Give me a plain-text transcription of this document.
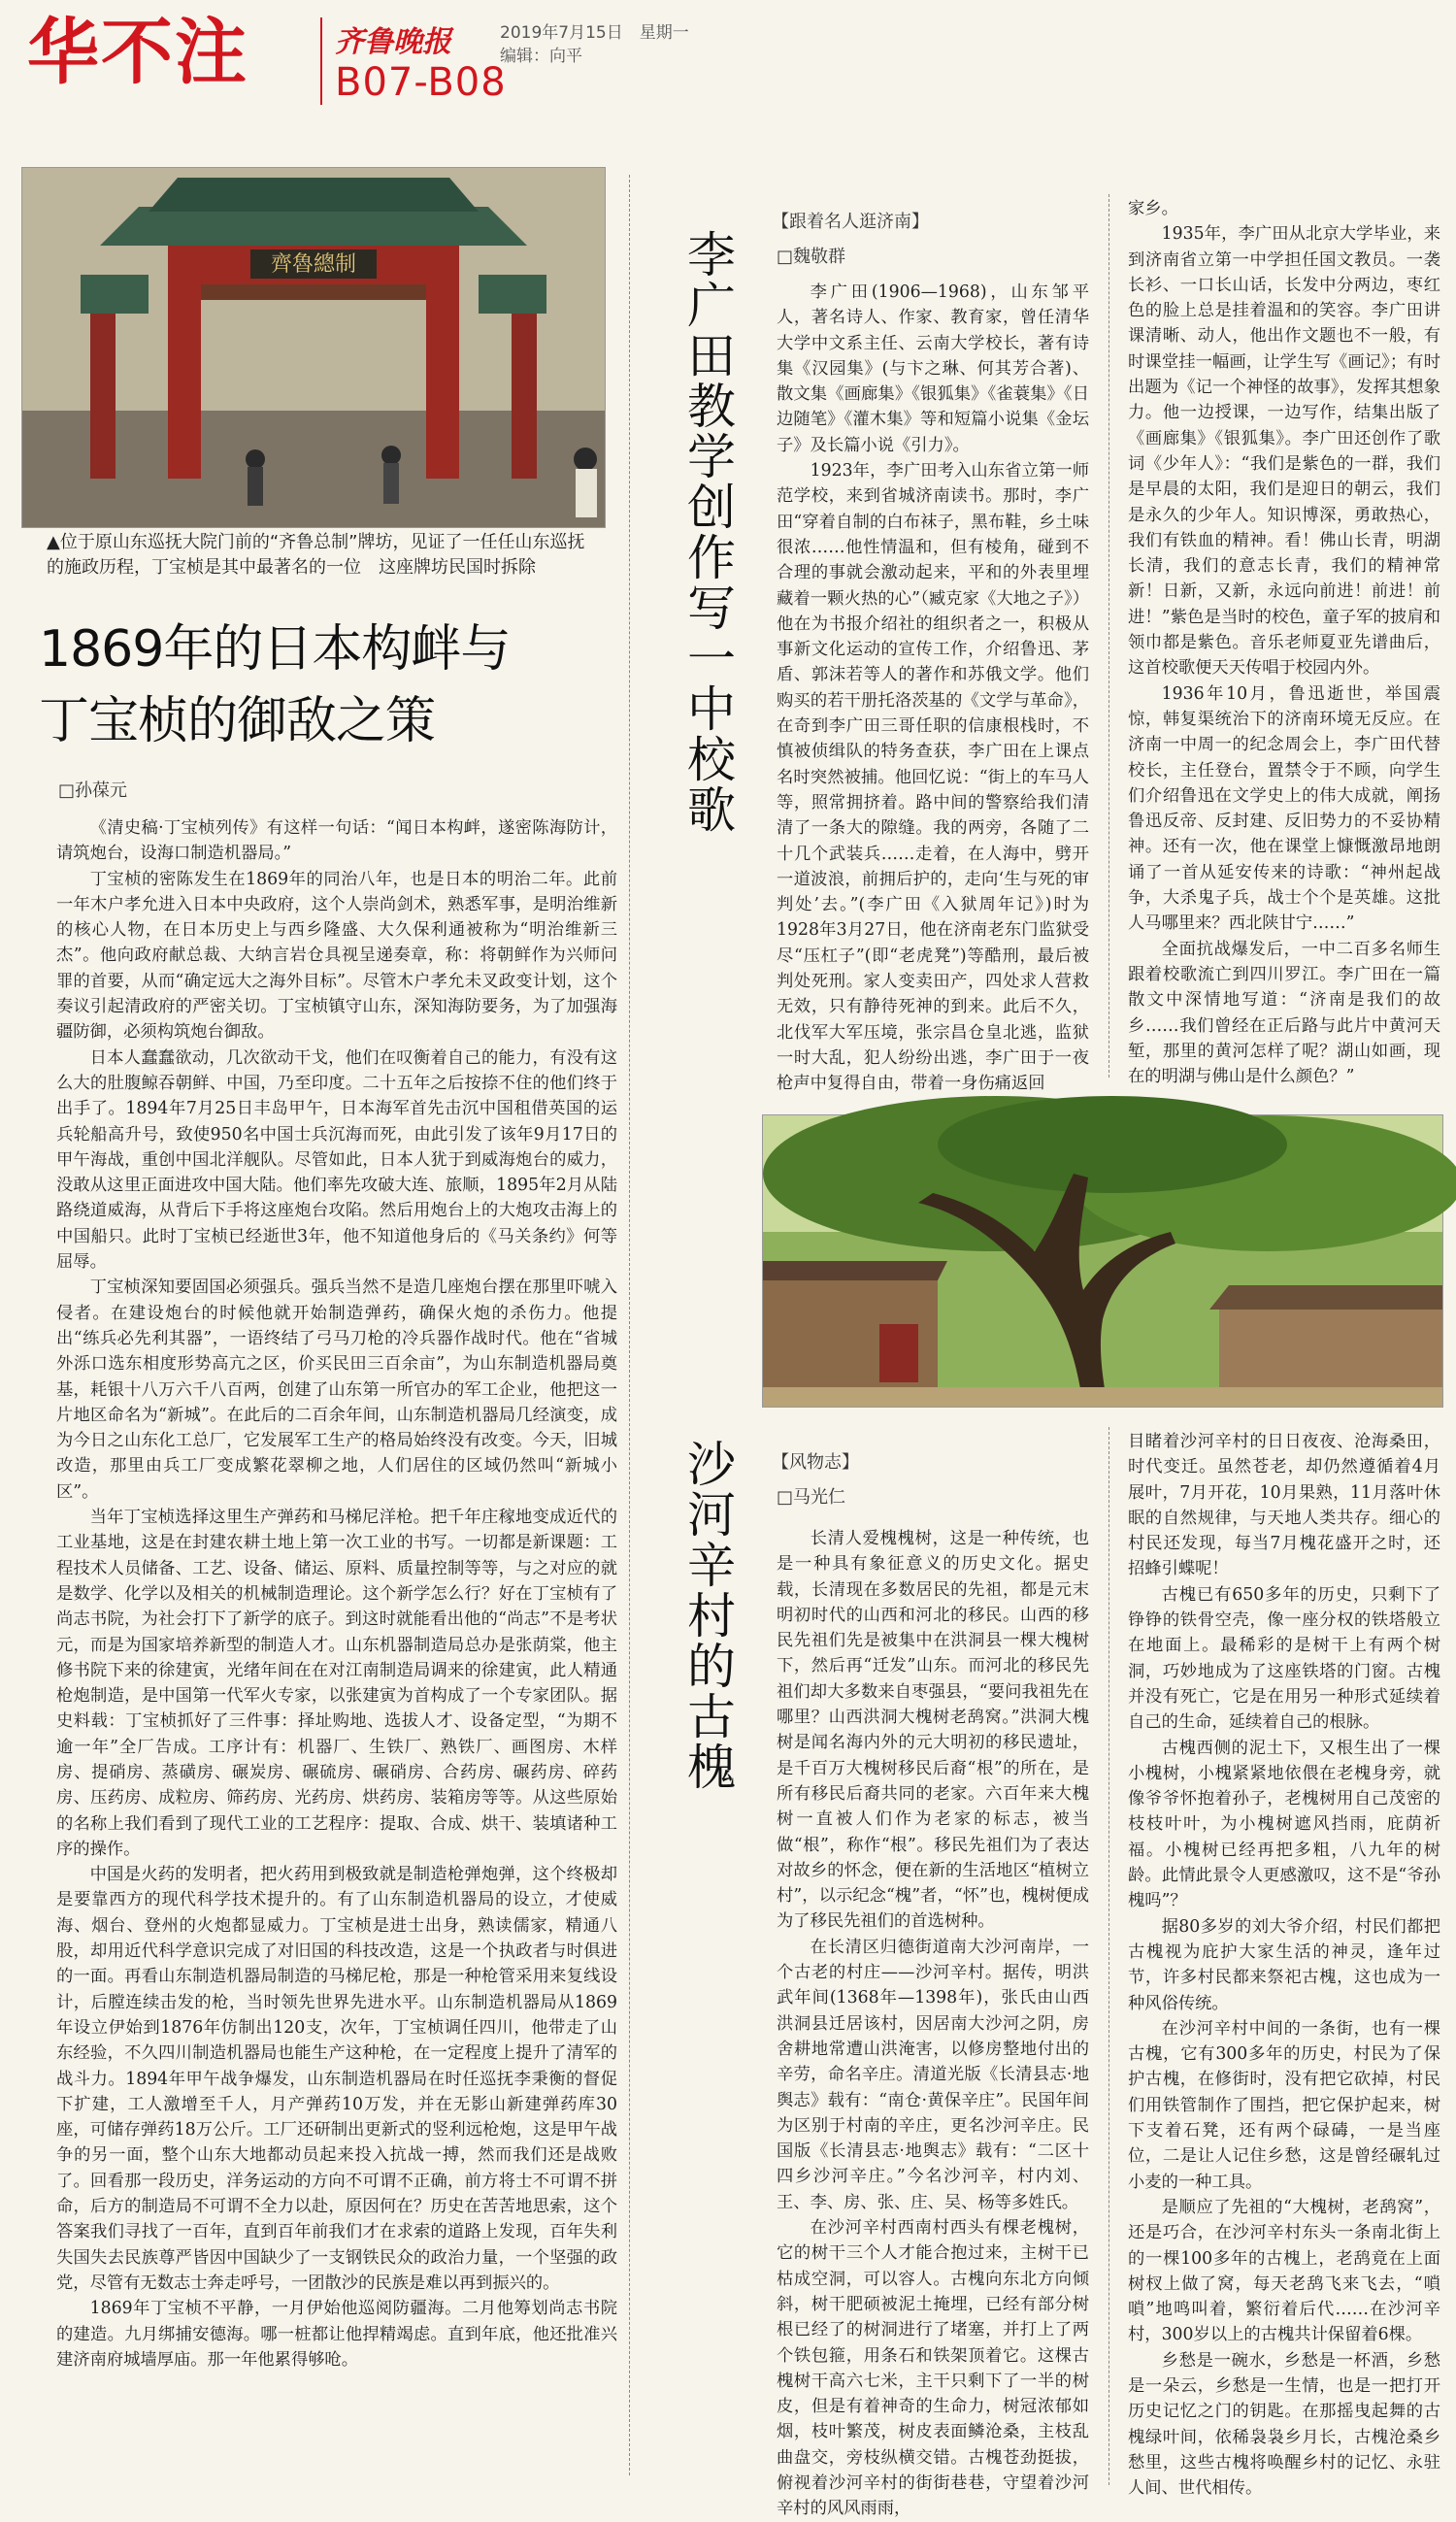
华不注	齐鲁晚报	2019年7月15日　星期一
编辑：向平
B07-B08
齊魯總制
▲位于原山东巡抚大院门前的“齐鲁总制”牌坊，见证了一任任山东巡抚的施政历程，丁宝桢是其中最著名的一位　这座牌坊民国时拆除
1869年的日本构衅与
丁宝桢的御敌之策
□孙葆元

《清史稿·丁宝桢列传》有这样一句话：“闻日本构衅，遂密陈海防计，请筑炮台，设海口制造机器局。”

丁宝桢的密陈发生在1869年的同治八年，也是日本的明治二年。此前一年木户孝允进入日本中央政府，这个人崇尚剑术，熟悉军事，是明治维新的核心人物，在日本历史上与西乡隆盛、大久保利通被称为“明治维新三杰”。他向政府献总裁、大纳言岩仓具视呈递奏章，称：将朝鲜作为兴师问罪的首要，从而“确定远大之海外目标”。尽管木户孝允未叉政变计划，这个奏议引起清政府的严密关切。丁宝桢镇守山东，深知海防要务，为了加强海疆防御，必须构筑炮台御敌。

日本人蠢蠢欲动，几次欲动干戈，他们在叹衡着自己的能力，有没有这么大的肚腹鲸吞朝鲜、中国，乃至印度。二十五年之后按捺不住的他们终于出手了。1894年7月25日丰岛甲午，日本海军首先击沉中国租借英国的运兵轮船高升号，致使950名中国士兵沉海而死，由此引发了该年9月17日的甲午海战，重创中国北洋舰队。尽管如此，日本人犹于到威海炮台的威力，没敢从这里正面进攻中国大陆。他们率先攻破大连、旅顺，1895年2月从陆路绕道威海，从背后下手将这座炮台攻陷。然后用炮台上的大炮攻击海上的中国船只。此时丁宝桢已经逝世3年，他不知道他身后的《马关条约》何等屈辱。

丁宝桢深知要固国必须强兵。强兵当然不是造几座炮台摆在那里吓唬入侵者。在建设炮台的时候他就开始制造弹药，确保火炮的杀伤力。他提出“练兵必先利其器”，一语终结了弓马刀枪的冷兵器作战时代。他在“省城外泺口选东相度形势高亢之区，价买民田三百余亩”，为山东制造机器局奠基，耗银十八万六千八百两，创建了山东第一所官办的军工企业，他把这一片地区命名为“新城”。在此后的二百余年间，山东制造机器局几经演变，成为今日之山东化工总厂，它发展军工生产的格局始终没有改变。今天，旧城改造，那里由兵工厂变成繁花翠柳之地，人们居住的区域仍然叫“新城小区”。

当年丁宝桢选择这里生产弹药和马梯尼洋枪。把千年庄稼地变成近代的工业基地，这是在封建农耕土地上第一次工业的书写。一切都是新课题：工程技术人员储备、工艺、设备、储运、原料、质量控制等等，与之对应的就是数学、化学以及相关的机械制造理论。这个新学怎么行？好在丁宝桢有了尚志书院，为社会打下了新学的底子。到这时就能看出他的“尚志”不是考状元，而是为国家培养新型的制造人才。山东机器制造局总办是张荫棠，他主修书院下来的徐建寅，光绪年间在在对江南制造局调来的徐建寅，此人精通枪炮制造，是中国第一代军火专家，以张建寅为首构成了一个专家团队。据史料载：丁宝桢抓好了三件事：择址购地、选拔人才、设备定型，“为期不逾一年”全厂告成。工序计有：机器厂、生铁厂、熟铁厂、画图房、木样房、提硝房、蒸磺房、碾炭房、碾硫房、碾硝房、合药房、碾药房、碎药房、压药房、成粒房、筛药房、光药房、烘药房、装箱房等等。从这些原始的名称上我们看到了现代工业的工艺程序：提取、合成、烘干、装填诸种工序的操作。

中国是火药的发明者，把火药用到极致就是制造枪弹炮弹，这个终极却是要靠西方的现代科学技术提升的。有了山东制造机器局的设立，才使威海、烟台、登州的火炮都显威力。丁宝桢是进士出身，熟读儒家，精通八股，却用近代科学意识完成了对旧国的科技改造，这是一个执政者与时俱进的一面。再看山东制造机器局制造的马梯尼枪，那是一种枪管采用来复线设计，后膛连续击发的枪，当时领先世界先进水平。山东制造机器局从1869年设立伊始到1876年仿制出120支，次年，丁宝桢调任四川，他带走了山东经验，不久四川制造机器局也能生产这种枪，在一定程度上提升了清军的战斗力。1894年甲午战争爆发，山东制造机器局在时任巡抚李秉衡的督促下扩建，工人激增至千人，月产弹药10万发，并在无影山新建弹药库30座，可储存弹药18万公斤。工厂还研制出更新式的竖利远枪炮，这是甲午战争的另一面，整个山东大地都动员起来投入抗战一搏，然而我们还是战败了。回看那一段历史，洋务运动的方向不可谓不正确，前方将士不可谓不拼命，后方的制造局不可谓不全力以赴，原因何在？历史在苦苦地思索，这个答案我们寻找了一百年，直到百年前我们才在求索的道路上发现，百年失利失国失去民族尊严皆因中国缺少了一支钢铁民众的政治力量，一个坚强的政党，尽管有无数志士奔走呼号，一团散沙的民族是难以再到振兴的。

1869年丁宝桢不平静，一月伊始他巡阅防疆海。二月他筹划尚志书院的建造。九月绑捕安德海。哪一桩都让他捍精竭虑。直到年底，他还批准兴建济南府城墙厚庙。那一年他累得够呛。

李广田教学创作写一中校歌
【跟着名人逛济南】
□魏敬群

李广田(1906—1968)，山东邹平人，著名诗人、作家、教育家，曾任清华大学中文系主任、云南大学校长，著有诗集《汉园集》(与卞之琳、何其芳合著)、散文集《画廊集》《银狐集》《雀蓑集》《日边随笔》《灌木集》等和短篇小说集《金坛子》及长篇小说《引力》。

1923年，李广田考入山东省立第一师范学校，来到省城济南读书。那时，李广田“穿着自制的白布袜子，黑布鞋，乡土味很浓……他性情温和，但有棱角，碰到不合理的事就会激动起来，平和的外表里埋藏着一颗火热的心”（臧克家《大地之子》）他在为书报介绍社的组织者之一，积极从事新文化运动的宣传工作，介绍鲁迅、茅盾、郭沫若等人的著作和苏俄文学。他们购买的若干册托洛茨基的《文学与革命》，在奇到李广田三哥任职的信康根栈时，不慎被侦缉队的特务查获，李广田在上课点名时突然被捕。他回忆说：“街上的车马人等，照常拥挤着。路中间的警察给我们清清了一条大的隙缝。我的两旁，各随了二十几个武装兵……走着，在人海中，劈开一道波浪，前拥后护的，走向‘生与死的审判处’去。”(李广田《入狱周年记》)时为1928年3月27日，他在济南老东门监狱受尽“压杠子”(即“老虎凳”)等酷刑，最后被判处死刑。家人变卖田产，四处求人营救无效，只有静待死神的到来。此后不久，北伐军大军压境，张宗昌仓皇北逃，监狱一时大乱，犯人纷纷出逃，李广田于一夜枪声中复得自由，带着一身伤痛返回

家乡。

1935年，李广田从北京大学毕业，来到济南省立第一中学担任国文教员。一袭长衫、一口长山话，长发中分两边，枣红色的脸上总是挂着温和的笑容。李广田讲课清晰、动人，他出作文题也不一般，有时课堂挂一幅画，让学生写《画记》；有时出题为《记一个神怪的故事》，发挥其想象力。他一边授课，一边写作，结集出版了《画廊集》《银狐集》。李广田还创作了歌词《少年人》：“我们是紫色的一群，我们是早晨的太阳，我们是迎日的朝云，我们是永久的少年人。知识博深，勇敢热心，我们有铁血的精神。看！佛山长青，明湖长清，我们的意志长青，我们的精神常新！日新，又新，永远向前进！前进！前进！”紫色是当时的校色，童子军的披肩和领巾都是紫色。音乐老师夏亚先谱曲后，这首校歌便天天传唱于校园内外。

1936年10月，鲁迅逝世，举国震惊，韩复渠统治下的济南环境无反应。在济南一中周一的纪念周会上，李广田代替校长，主任登台，置禁令于不顾，向学生们介绍鲁迅在文学史上的伟大成就，阐扬鲁迅反帝、反封建、反旧势力的不妥协精神。还有一次，他在课堂上慷慨激昂地朗诵了一首从延安传来的诗歌：“神州起战争，大杀鬼子兵，战士个个是英雄。这批人马哪里来？西北陕甘宁……”

全面抗战爆发后，一中二百多名师生跟着校歌流亡到四川罗江。李广田在一篇散文中深情地写道：“济南是我们的故乡……我们曾经在正后路与此片中黄河天堑，那里的黄河怎样了呢？湖山如画，现在的明湖与佛山是什么颜色？”

沙河辛村的古槐 【风物志】
□马光仁

长清人爱槐槐树，这是一种传统，也是一种具有象征意义的历史文化。据史载，长清现在多数居民的先祖，都是元末明初时代的山西和河北的移民。山西的移民先祖们先是被集中在洪洞县一棵大槐树下，然后再“迁发”山东。而河北的移民先祖们却大多数来自枣强县，“要问我祖先在哪里？山西洪洞大槐树老鸹窝。”洪洞大槐树是闻名海内外的元大明初的移民遗址，是千百万大槐树移民后裔“根”的所在，是所有移民后裔共同的老家。六百年来大槐树一直被人们作为老家的标志，被当做“根”，称作“根”。移民先祖们为了表达对故乡的怀念，便在新的生活地区“植树立村”，以示纪念“槐”者，“怀”也，槐树便成为了移民先祖们的首选树种。

在长清区归德街道南大沙河南岸，一个古老的村庄——沙河辛村。据传，明洪武年间(1368年—1398年)，张氏由山西洪洞县迁居该村，因居南大沙河之阴，房舍耕地常遭山洪淹害，以修房整地付出的辛劳，命名辛庄。清道光版《长清县志·地舆志》载有：“南仓·黄保辛庄”。民国年间为区别于村南的辛庄，更名沙河辛庄。民国版《长清县志·地舆志》载有：“二区十四乡沙河辛庄。”今名沙河辛，村内刘、王、李、房、张、庄、吴、杨等多姓氏。

在沙河辛村西南村西头有棵老槐树，它的树干三个人才能合抱过来，主树干已枯成空洞，可以容人。古槐向东北方向倾斜，树干肥硕被泥土掩埋，已经有部分树根已经了的树洞进行了堵塞，并打上了两个铁包箍，用条石和铁架顶着它。这棵古槐树干高六七米，主干只剩下了一半的树皮，但是有着神奇的生命力，树冠浓郁如烟，枝叶繁茂，树皮表面鳞沧桑，主枝乱曲盘交，旁枝纵横交错。古槐苍劲挺拔，俯视着沙河辛村的街街巷巷，守望着沙河辛村的风风雨雨，

目睹着沙河辛村的日日夜夜、沧海桑田，时代变迁。虽然苍老，却仍然遵循着4月展叶，7月开花，10月果熟，11月落叶休眠的自然规律，与天地人类共存。细心的村民还发现，每当7月槐花盛开之时，还招蜂引蝶呢！

古槐已有650多年的历史，只剩下了铮铮的铁骨空壳，像一座分权的铁塔般立在地面上。最稀彩的是树干上有两个树洞，巧妙地成为了这座铁塔的门窗。古槐并没有死亡，它是在用另一种形式延续着自己的生命，延续着自己的根脉。

古槐西侧的泥土下，又根生出了一棵小槐树，小槐紧紧地依偎在老槐身旁，就像爷爷怀抱着孙子，老槐树用自己茂密的枝枝叶叶，为小槐树遮风挡雨，庇荫祈福。小槐树已经再把多粗，八九年的树龄。此情此景令人更感激叹，这不是“爷孙槐吗”？

据80多岁的刘大爷介绍，村民们都把古槐视为庇护大家生活的神灵，逢年过节，许多村民都来祭祀古槐，这也成为一种风俗传统。

在沙河辛村中间的一条街，也有一棵古槐，它有300多年的历史，村民为了保护古槐，在修街时，没有把它砍掉，村民们用铁管制作了围挡，把它保护起来，树下支着石凳，还有两个碌碡，一是当座位，二是让人记住乡愁，这是曾经碾轧过小麦的一种工具。

是顺应了先祖的“大槐树，老鸹窝”，还是巧合，在沙河辛村东头一条南北街上的一棵100多年的古槐上，老鸹竟在上面树杈上做了窝，每天老鸹飞来飞去，“嗩嗩”地鸣叫着，繁衍着后代……在沙河辛村，300岁以上的古槐共计保留着6棵。

乡愁是一碗水，乡愁是一杯酒，乡愁是一朵云，乡愁是一生情，也是一把打开历史记忆之门的钥匙。在那摇曳起舞的古槐绿叶间，依稀袅袅乡月长，古槐沧桑乡愁里，这些古槐将唤醒乡村的记忆、永驻人间、世代相传。
